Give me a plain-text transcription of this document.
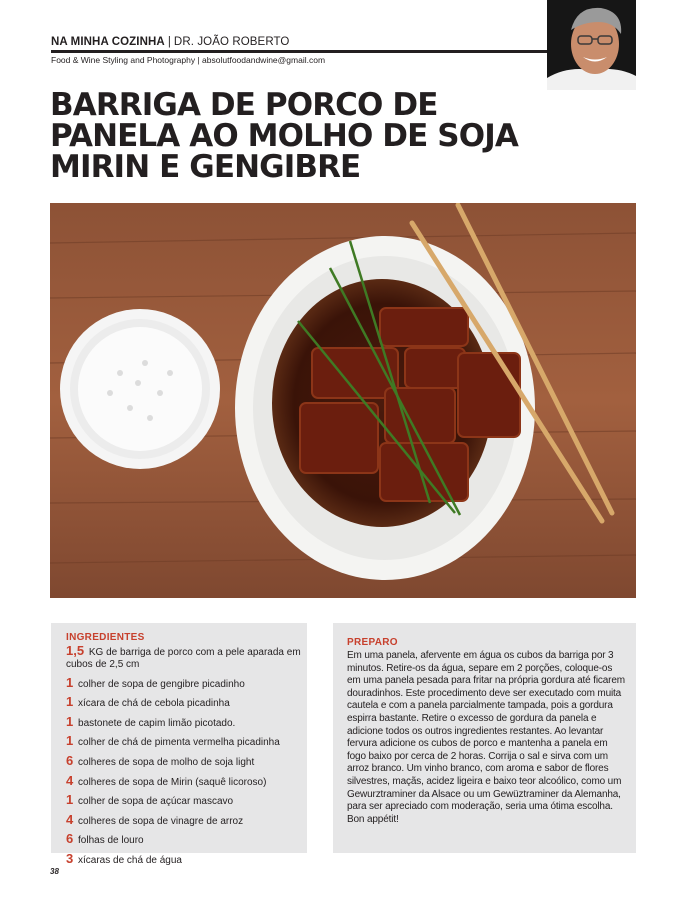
NA MINHA COZINHA | DR. JOÃO ROBERTO
Food & Wine Styling and Photography | absolutfoodandwine@gmail.com
BARRIGA DE PORCO DE PANELA AO MOLHO DE SOJA MIRIN E GENGIBRE
INGREDIENTES
1,5 KG de barriga de porco com a pele aparada em cubos de 2,5 cm
1 colher de sopa de gengibre picadinho
1 xícara de chá de cebola picadinha
1 bastonete de capim limão picotado.
1 colher de chá de pimenta vermelha picadinha
6 colheres de sopa de molho de soja light
4 colheres de sopa de Mirin (saquê licoroso)
1 colher de sopa de açúcar mascavo
4 colheres de sopa de vinagre de arroz
6 folhas de louro
3 xícaras de chá de água
PREPARO

Em uma panela, afervente em água os cubos da barriga por 3 minutos. Retire-os da água, separe em 2 porções, coloque-os em uma panela pesada para fritar na própria gordura até ficarem douradinhos. Este procedimento deve ser executado com muita cautela e com a panela parcialmente tampada, pois a gordura espirra bastante. Retire o excesso de gordura da panela e adicione todos os outros ingredientes restantes. Ao levantar fervura adicione os cubos de porco e mantenha a panela em fogo baixo por cerca de 2 horas. Corrija o sal e sirva com um arroz branco. Um vinho branco, com aroma e sabor de flores silvestres, maçãs, acidez ligeira e baixo teor alcoólico, como um Gewurztraminer da Alsace ou um Gewüztraminer da Alemanha, para ser apreciado com moderação, seria uma ótima escolha. Bon appétit!

38
